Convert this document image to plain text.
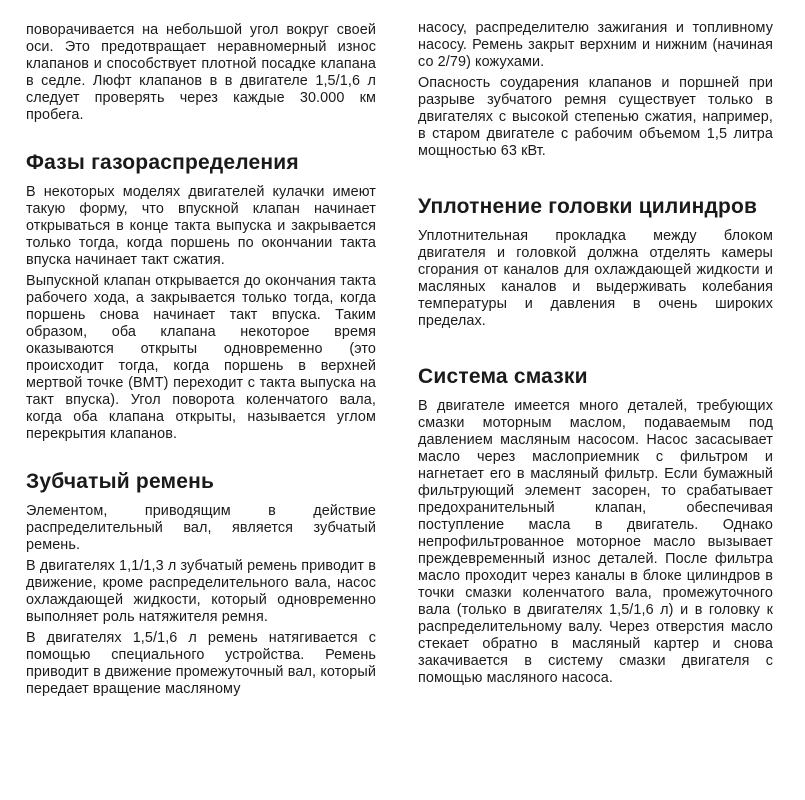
поворачивается на небольшой угол вокруг своей оси. Это предотвращает неравномерный износ клапанов и способствует плотной посадке клапана в седле. Люфт клапанов в в двигателе 1,5/1,6 л следует проверять через каждые 30.000 км пробега.

Фазы газораспределения

В некоторых моделях двигателей кулачки имеют такую форму, что впускной клапан начинает открываться в конце такта выпуска и закрывается только тогда, когда поршень по окончании такта впуска начинает такт сжатия.

Выпускной клапан открывается до окончания такта рабочего хода, а закрывается только тогда, когда поршень снова начинает такт впуска. Таким образом, оба клапана некоторое время оказываются открыты одновременно (это происходит тогда, когда поршень в верхней мертвой точке (ВМТ) переходит с такта выпуска на такт впуска). Угол поворота коленчатого вала, когда оба клапана открыты, называется углом перекрытия клапанов.

Зубчатый ремень

Элементом, приводящим в действие распределительный вал, является зубчатый ремень.

В двигателях 1,1/1,3 л зубчатый ремень приводит в движение, кроме распределительного вала, насос охлаждающей жидкости, который одновременно выполняет роль натяжителя ремня.

В двигателях 1,5/1,6 л ремень натягивается с помощью специального устройства. Ремень приводит в движение промежуточный вал, который передает вращение масляному

насосу, распределителю зажигания и топливному насосу. Ремень закрыт верхним и нижним (начиная со 2/79) кожухами.

Опасность соударения клапанов и поршней при разрыве зубчатого ремня существует только в двигателях с высокой степенью сжатия, например, в старом двигателе с рабочим объемом 1,5 литра мощностью 63 кВт.

Уплотнение головки цилиндров

Уплотнительная прокладка между блоком двигателя и головкой должна отделять камеры сгорания от каналов для охлаждающей жидкости и масляных каналов и выдерживать колебания температуры и давления в очень широких пределах.

Система смазки

В двигателе имеется много деталей, требующих смазки моторным маслом, подаваемым под давлением масляным насосом. Насос засасывает масло через маслоприемник с фильтром и нагнетает его в масляный фильтр. Если бумажный фильтрующий элемент засорен, то срабатывает предохранительный клапан, обеспечивая поступление масла в двигатель. Однако непрофильтрованное моторное масло вызывает преждевременный износ деталей. После фильтра масло проходит через каналы в блоке цилиндров в точки смазки коленчатого вала, промежуточного вала (только в двигателях 1,5/1,6 л) и в головку к распределительному валу. Через отверстия масло стекает обратно в масляный картер и снова закачивается в систему смазки двигателя с помощью масляного насоса.
